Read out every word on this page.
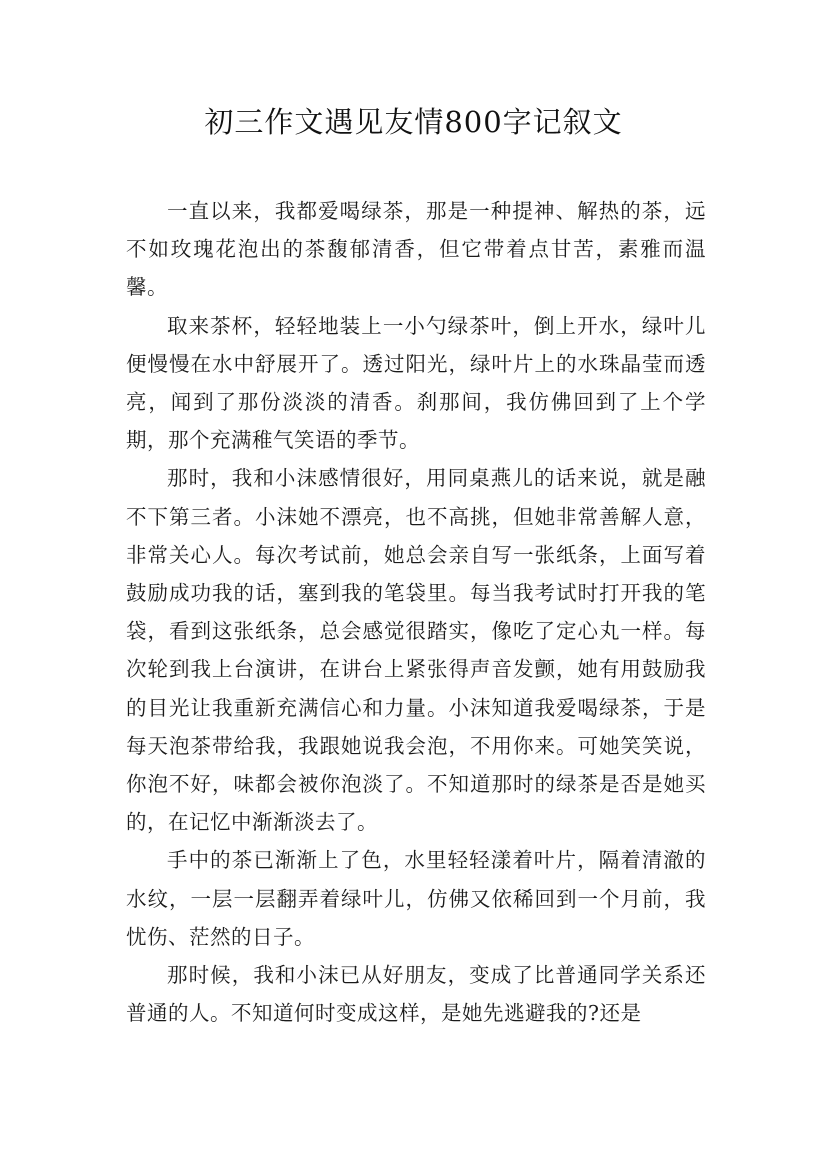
初三作文遇见友情800字记叙文

一直以来，我都爱喝绿茶，那是一种提神、解热的茶，远不如玫瑰花泡出的茶馥郁清香，但它带着点甘苦，素雅而温馨。

取来茶杯，轻轻地装上一小勺绿茶叶，倒上开水，绿叶儿便慢慢在水中舒展开了。透过阳光，绿叶片上的水珠晶莹而透亮，闻到了那份淡淡的清香。刹那间，我仿佛回到了上个学期，那个充满稚气笑语的季节。

那时，我和小沫感情很好，用同桌燕儿的话来说，就是融不下第三者。小沫她不漂亮，也不高挑，但她非常善解人意，非常关心人。每次考试前，她总会亲自写一张纸条，上面写着鼓励成功我的话，塞到我的笔袋里。每当我考试时打开我的笔袋，看到这张纸条，总会感觉很踏实，像吃了定心丸一样。每次轮到我上台演讲，在讲台上紧张得声音发颤，她有用鼓励我的目光让我重新充满信心和力量。小沫知道我爱喝绿茶，于是每天泡茶带给我，我跟她说我会泡，不用你来。可她笑笑说，你泡不好，味都会被你泡淡了。不知道那时的绿茶是否是她买的，在记忆中渐渐淡去了。

手中的茶已渐渐上了色，水里轻轻漾着叶片，隔着清澈的水纹，一层一层翻弄着绿叶儿，仿佛又依稀回到一个月前，我忧伤、茫然的日子。

那时候，我和小沫已从好朋友，变成了比普通同学关系还普通的人。不知道何时变成这样，是她先逃避我的?还是
